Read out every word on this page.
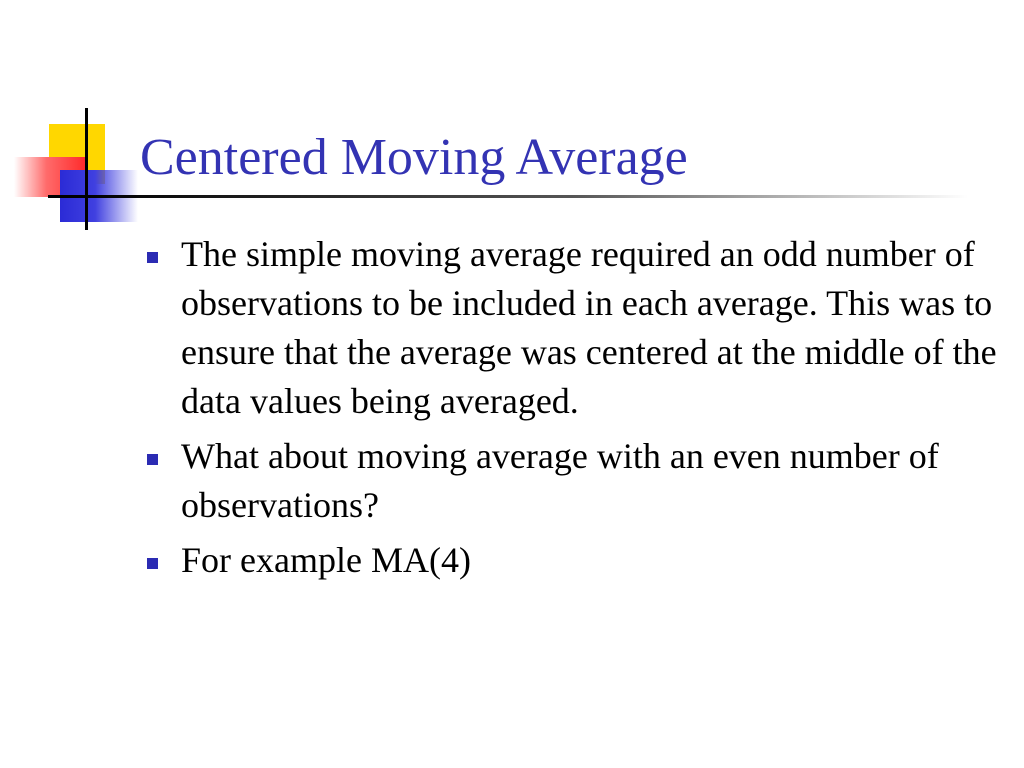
Centered Moving Average
The simple moving average required an odd number of observations to be included in each average. This was to ensure that the average was centered at the middle of the data values being averaged.
What about moving average with an even number of observations?
For example MA(4)
